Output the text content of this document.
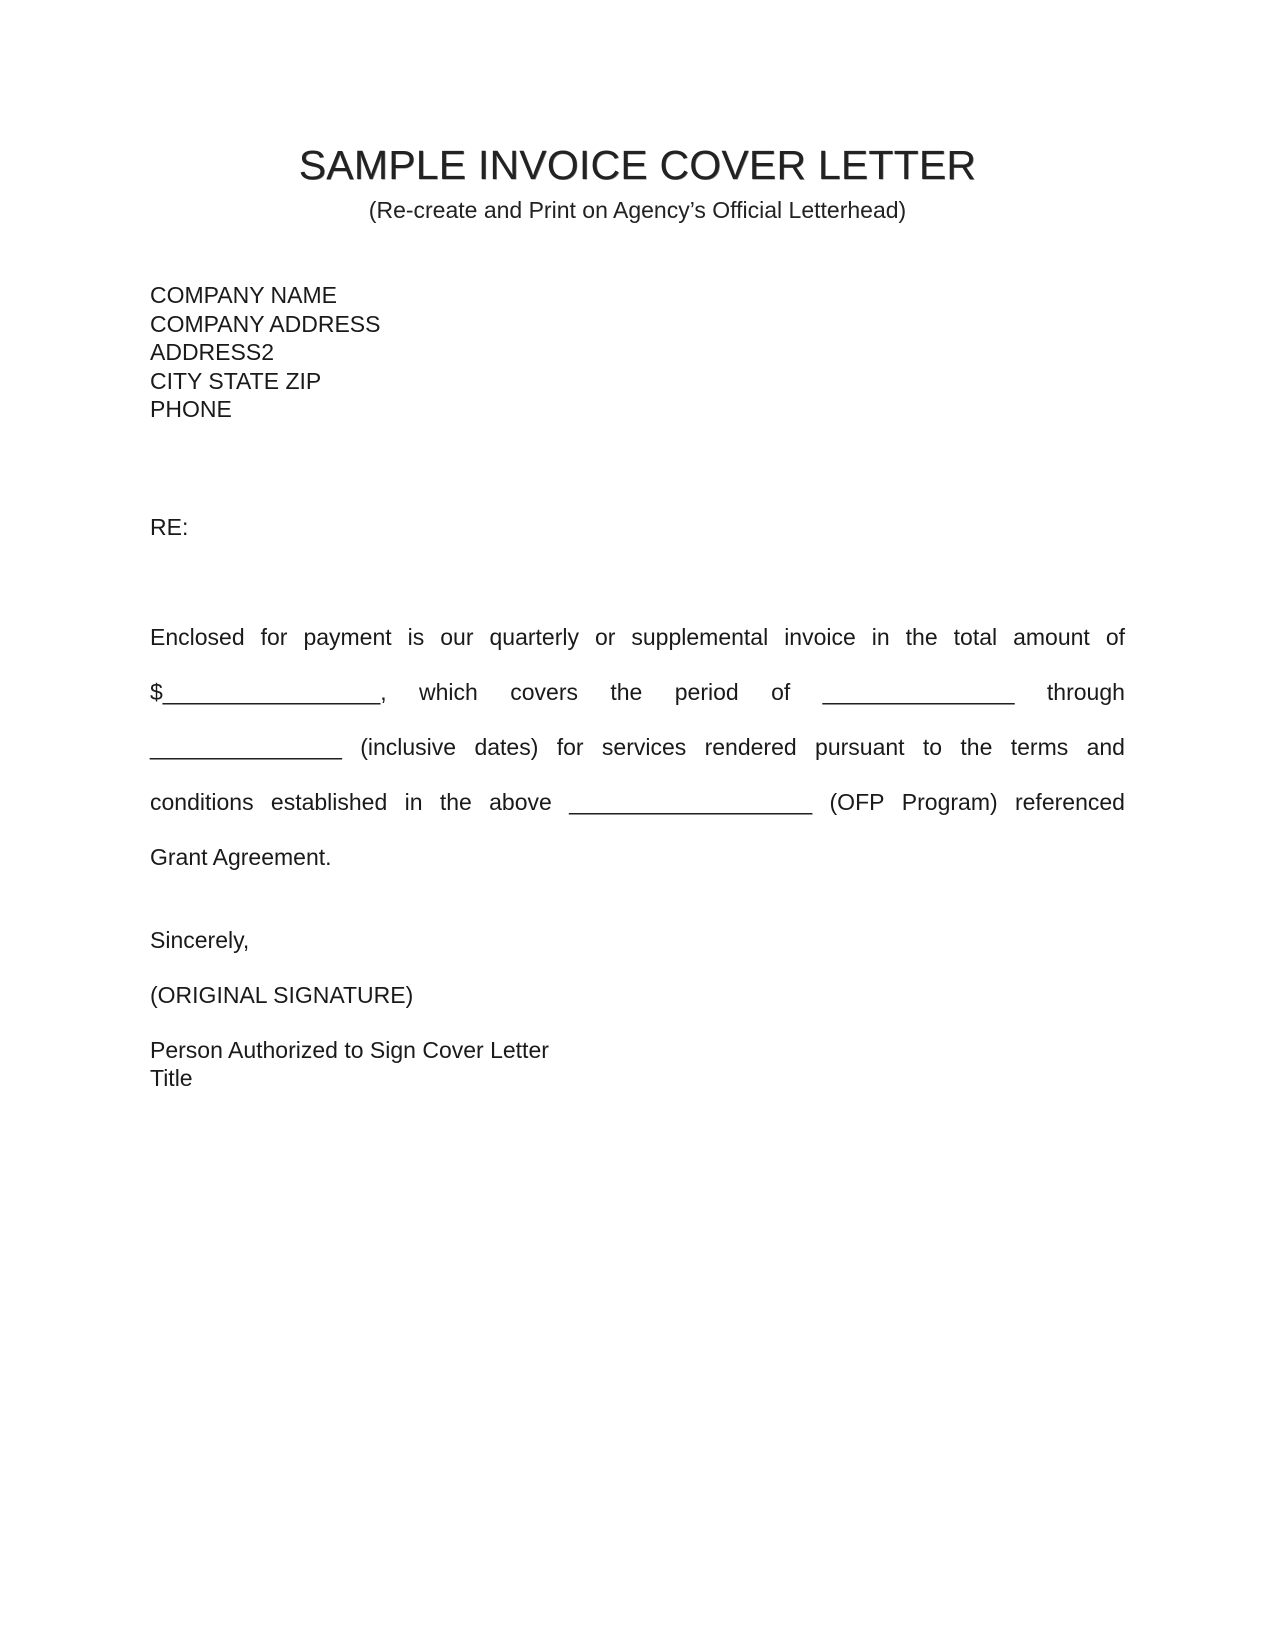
SAMPLE INVOICE COVER LETTER
(Re-create and Print on Agency’s Official Letterhead)
COMPANY NAME
COMPANY ADDRESS
ADDRESS2
CITY STATE ZIP
PHONE
RE:
Enclosed for payment is our quarterly or supplemental invoice in the total amount of
$_________________, which covers the period of _______________ through
_______________ (inclusive dates) for services rendered pursuant to the terms and
conditions established in the above ___________________ (OFP Program) referenced
Grant Agreement.
Sincerely,
(ORIGINAL SIGNATURE)
Person Authorized to Sign Cover Letter
Title
